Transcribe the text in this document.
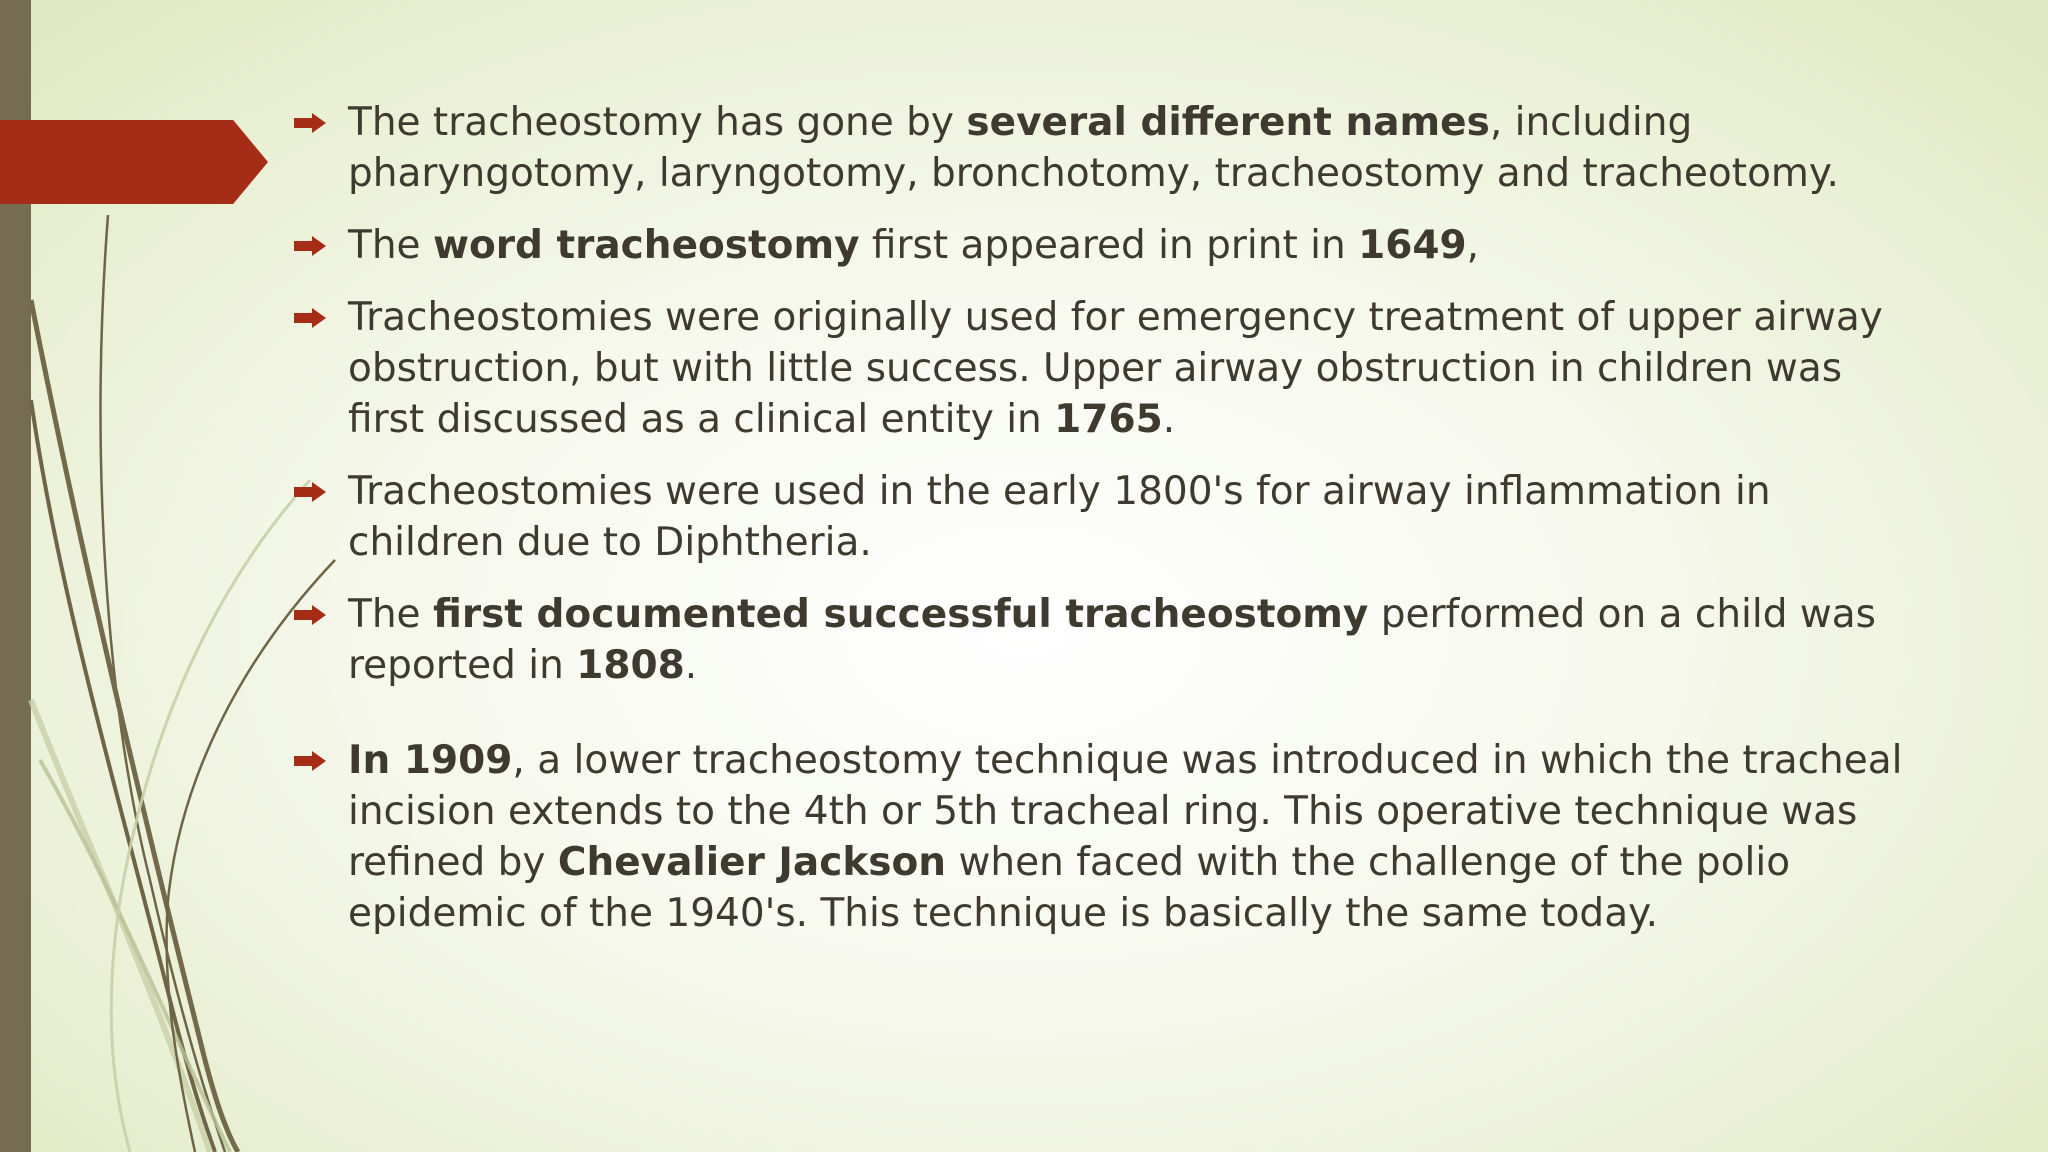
The tracheostomy has gone by several different names, including pharyngotomy, laryngotomy, bronchotomy, tracheostomy and tracheotomy.
The word tracheostomy first appeared in print in 1649,
Tracheostomies were originally used for emergency treatment of upper airway obstruction, but with little success. Upper airway obstruction in children was first discussed as a clinical entity in 1765.
Tracheostomies were used in the early 1800's for airway inflammation in children due to Diphtheria.
The first documented successful tracheostomy performed on a child was reported in 1808.
In 1909, a lower tracheostomy technique was introduced in which the tracheal incision extends to the 4th or 5th tracheal ring. This operative technique was refined by Chevalier Jackson when faced with the challenge of the polio epidemic of the 1940's. This technique is basically the same today.
